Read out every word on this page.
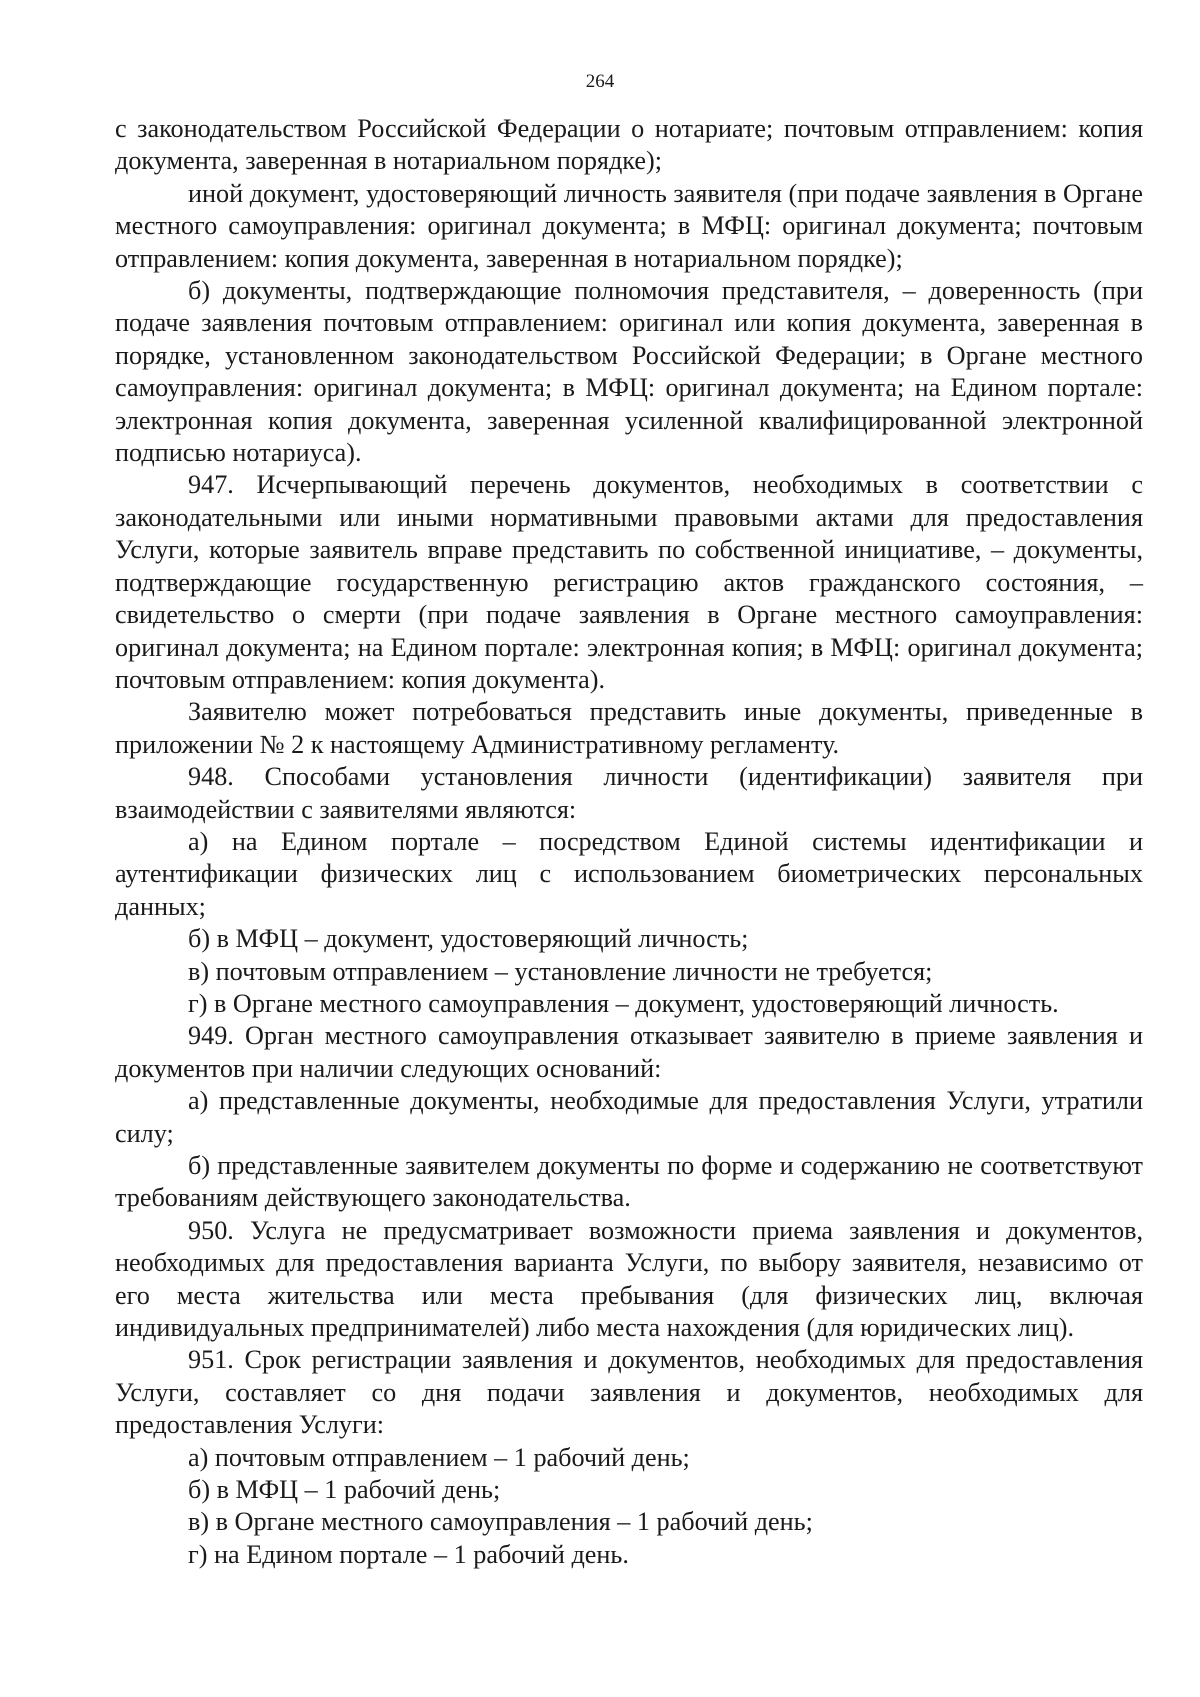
264

с законодательством Российской Федерации о нотариате; почтовым отправлением: копия документа, заверенная в нотариальном порядке);

иной документ, удостоверяющий личность заявителя (при подаче заявления в Органе местного самоуправления: оригинал документа; в МФЦ: оригинал документа; почтовым отправлением: копия документа, заверенная в нотариальном порядке);

б) документы, подтверждающие полномочия представителя, – доверенность (при подаче заявления почтовым отправлением: оригинал или копия документа, заверенная в порядке, установленном законодательством Российской Федерации; в Органе местного самоуправления: оригинал документа; в МФЦ: оригинал документа; на Едином портале: электронная копия документа, заверенная усиленной квалифицированной электронной подписью нотариуса).

947. Исчерпывающий перечень документов, необходимых в соответствии с законодательными или иными нормативными правовыми актами для предоставления Услуги, которые заявитель вправе представить по собственной инициативе, – документы, подтверждающие государственную регистрацию актов гражданского состояния, – свидетельство о смерти (при подаче заявления в Органе местного самоуправления: оригинал документа; на Едином портале: электронная копия; в МФЦ: оригинал документа; почтовым отправлением: копия документа).

Заявителю может потребоваться представить иные документы, приведенные в приложении № 2 к настоящему Административному регламенту.

948. Способами установления личности (идентификации) заявителя при взаимодействии с заявителями являются:

а) на Едином портале – посредством Единой системы идентификации и аутентификации физических лиц с использованием биометрических персональных данных;

б) в МФЦ – документ, удостоверяющий личность;

в) почтовым отправлением – установление личности не требуется;

г) в Органе местного самоуправления – документ, удостоверяющий личность.

949. Орган местного самоуправления отказывает заявителю в приеме заявления и документов при наличии следующих оснований:

а) представленные документы, необходимые для предоставления Услуги, утратили силу;

б) представленные заявителем документы по форме и содержанию не соответствуют требованиям действующего законодательства.

950. Услуга не предусматривает возможности приема заявления и документов, необходимых для предоставления варианта Услуги, по выбору заявителя, независимо от его места жительства или места пребывания (для физических лиц, включая индивидуальных предпринимателей) либо места нахождения (для юридических лиц).

951. Срок регистрации заявления и документов, необходимых для предоставления Услуги, составляет со дня подачи заявления и документов, необходимых для предоставления Услуги:

а) почтовым отправлением – 1 рабочий день;

б) в МФЦ – 1 рабочий день;

в) в Органе местного самоуправления – 1 рабочий день;

г) на Едином портале – 1 рабочий день.
